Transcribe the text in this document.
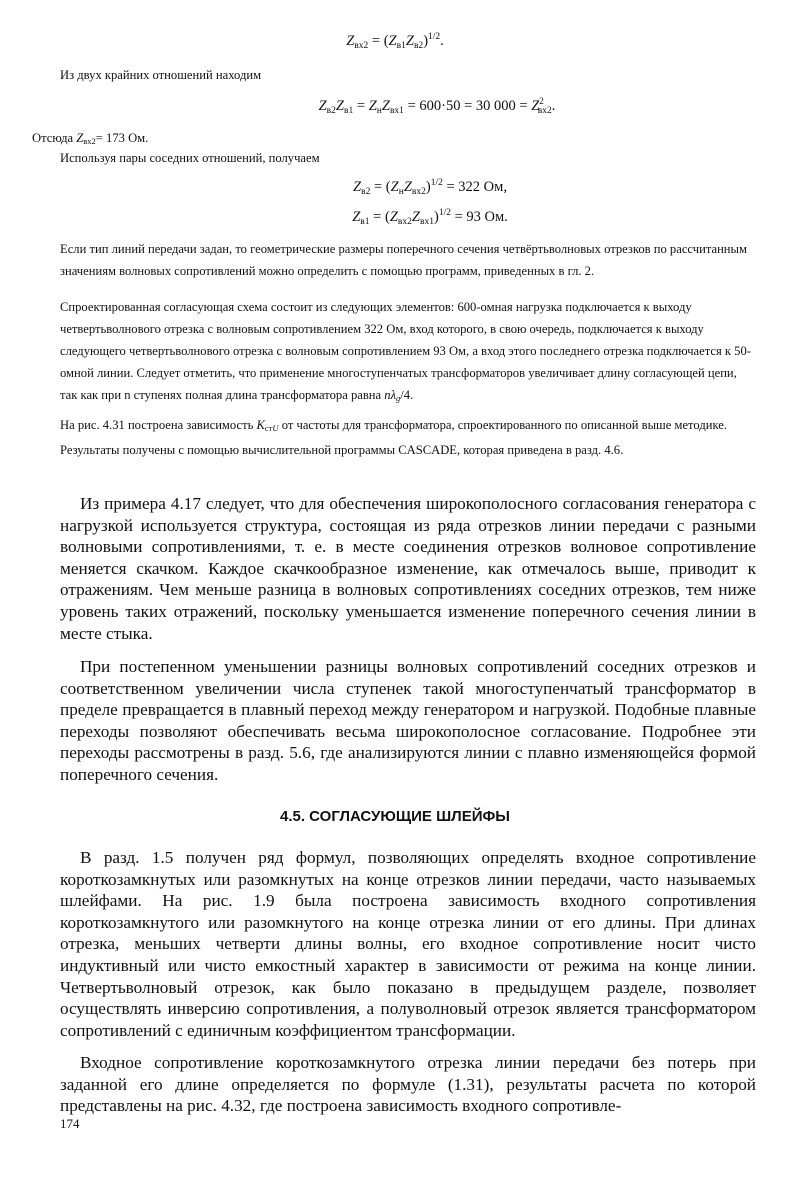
$Z_{вх2} = (Z_{в1}Z_{в2})^{1/2}$.

Из двух крайних отношений находим

$Z_{в2}Z_{в1} = Z_нZ_{вх1} = 600\cdot 50 = 30$ $000 = Z^2_{вх2}$.

Отсюда $Z_{вх2}= 173$ Ом.

Используя пары соседних отношений, получаем

$Z_{в2} = (Z_нZ_{вх2})^{1/2} = 322$ Ом,
$Z_{в1} = (Z_{вх2}Z_{вх1})^{1/2} = 93$ Ом.

Если тип линий передачи задан, то геометрические размеры поперечного сечения четвёртьволновых отрезков по рассчитанным значениям волновых сопротивлений можно определить с помощью программ, приведенных в гл. 2.

Спроектированная согласующая схема состоит из следующих элементов: 600-омная нагрузка подключается к выходу четвертьволнового отрезка с волновым сопротивлением 322 Ом, вход которого, в свою очередь, подключается к выходу следующего четвертьволнового отрезка с волновым сопротивлением 93 Ом, а вход этого последнего отрезка подключается к 50-омной линии. Следует отметить, что применение многоступенчатых трансформаторов увеличивает длину согласующей цепи, так как при n ступенях полная длина трансформатора равна $n\lambda_g/4$.

На рис. 4.31 построена зависимость $K_{стU}$ от частоты для трансформатора, спроектированного по описанной выше методике. Результаты получены с помощью вычислительной программы CASCADE, которая приведена в разд. 4.6.

Из примера 4.17 следует, что для обеспечения широкополосного согласования генератора с нагрузкой используется структура, состоящая из ряда отрезков линии передачи с разными волновыми сопротивлениями, т. е. в месте соединения отрезков волновое сопротивление меняется скачком. Каждое скачкообразное изменение, как отмечалось выше, приводит к отражениям. Чем меньше разница в волновых сопротивлениях соседних отрезков, тем ниже уровень таких отражений, поскольку уменьшается изменение поперечного сечения линии в месте стыка.

При постепенном уменьшении разницы волновых сопротивлений соседних отрезков и соответственном увеличении числа ступенек такой многоступенчатый трансформатор в пределе превращается в плавный переход между генератором и нагрузкой. Подобные плавные переходы позволяют обеспечивать весьма широкополосное согласование. Подробнее эти переходы рассмотрены в разд. 5.6, где анализируются линии с плавно изменяющейся формой поперечного сечения.

4.5. СОГЛАСУЮЩИЕ ШЛЕЙФЫ

В разд. 1.5 получен ряд формул, позволяющих определять входное сопротивление короткозамкнутых или разомкнутых на конце отрезков линии передачи, часто называемых шлейфами. На рис. 1.9 была построена зависимость входного сопротивления короткозамкнутого или разомкнутого на конце отрезка линии от его длины. При длинах отрезка, меньших четверти длины волны, его входное сопротивление носит чисто индуктивный или чисто емкостный характер в зависимости от режима на конце линии. Четвертьволновый отрезок, как было показано в предыдущем разделе, позволяет осуществлять инверсию сопротивления, а полуволновый отрезок является трансформатором сопротивлений с единичным коэффициентом трансформации.

Входное сопротивление короткозамкнутого отрезка линии передачи без потерь при заданной его длине определяется по формуле (1.31), результаты расчета по которой представлены на рис. 4.32, где построена зависимость входного сопротивле-

174
